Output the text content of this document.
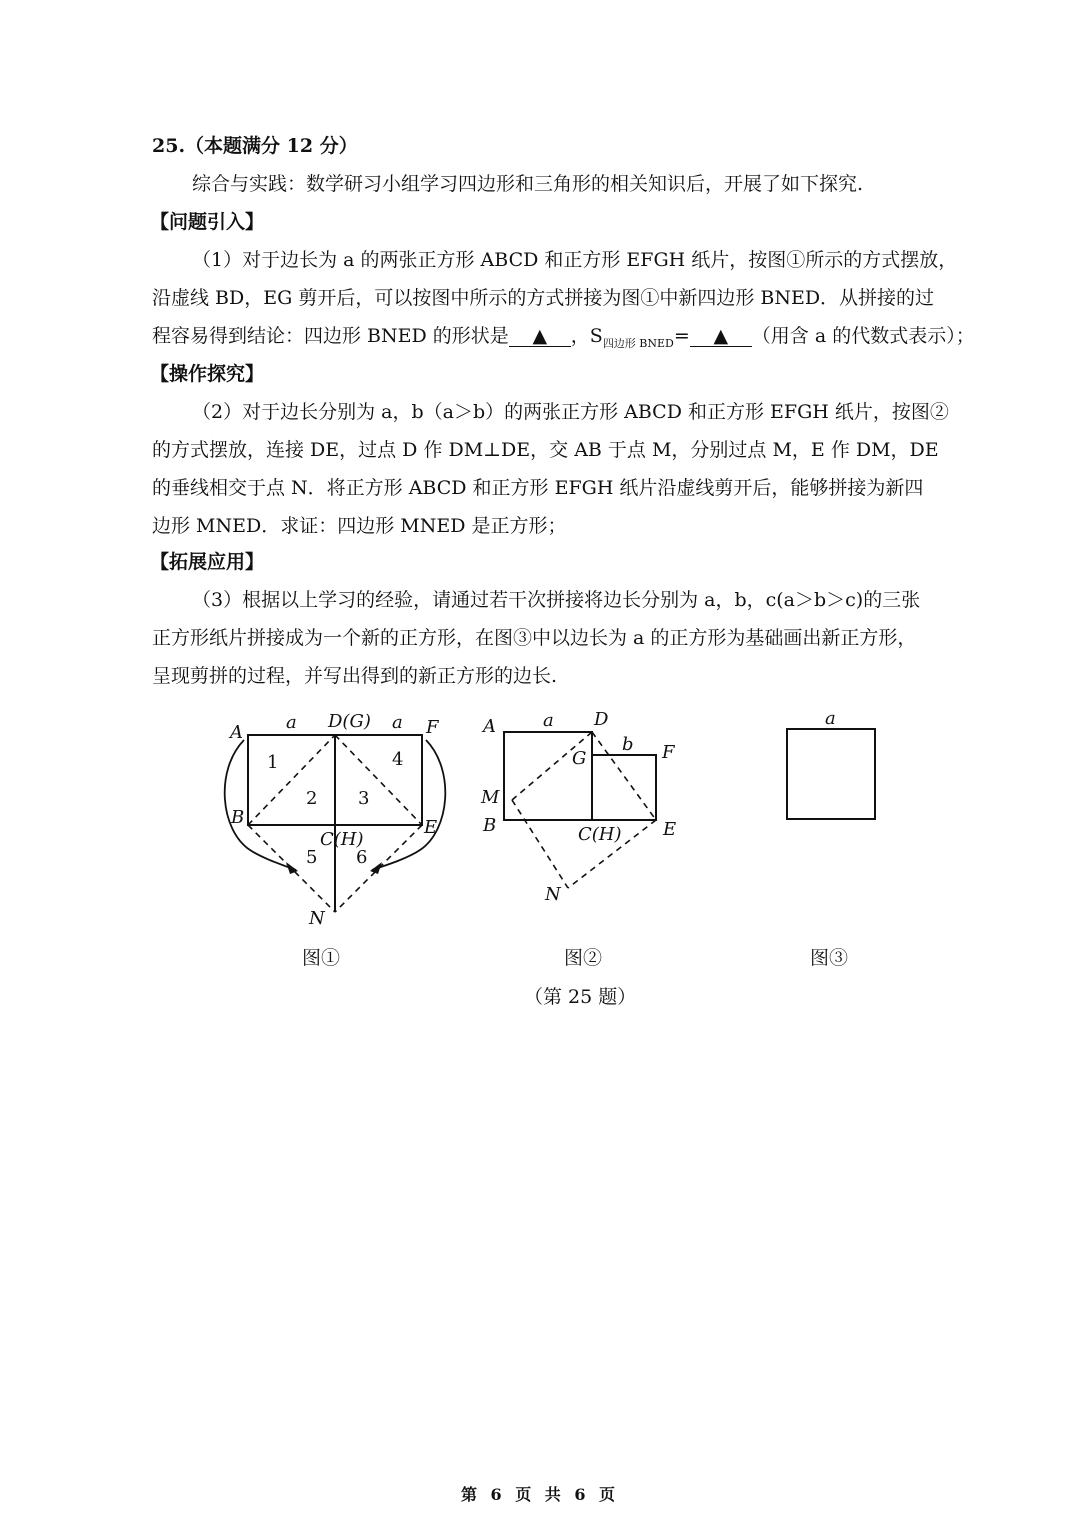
25.（本题满分 12 分）
综合与实践：数学研习小组学习四边形和三角形的相关知识后，开展了如下探究.
【问题引入】
（1）对于边长为 a 的两张正方形 ABCD 和正方形 EFGH 纸片，按图①所示的方式摆放，
沿虚线 BD，EG 剪开后，可以按图中所示的方式拼接为图①中新四边形 BNED．从拼接的过
程容易得到结论：四边形 BNED 的形状是 ▲ ，$S_{四边形 BNED}=$ ▲ （用含 a 的代数式表示）；
【操作探究】
（2）对于边长分别为 a，b（a＞b）的两张正方形 ABCD 和正方形 EFGH 纸片，按图②
的方式摆放，连接 DE，过点 D 作 DM⊥DE，交 AB 于点 M，分别过点 M，E 作 DM，DE
的垂线相交于点 N．将正方形 ABCD 和正方形 EFGH 纸片沿虚线剪开后，能够拼接为新四
边形 MNED．求证：四边形 MNED 是正方形；
【拓展应用】
（3）根据以上学习的经验，请通过若干次拼接将边长分别为 a，b，c(a＞b＞c)的三张
正方形纸片拼接成为一个新的正方形，在图③中以边长为 a 的正方形为基础画出新正方形，
呈现剪拼的过程，并写出得到的新正方形的边长.
A a D(G) a F
B
C(H)
E
N
1
2 3
4
5 6
A	a D
G
b F
M
B	C(H) E
N
a
图①	图②	图③
（第 25 题）
第 6 页 共 6 页
